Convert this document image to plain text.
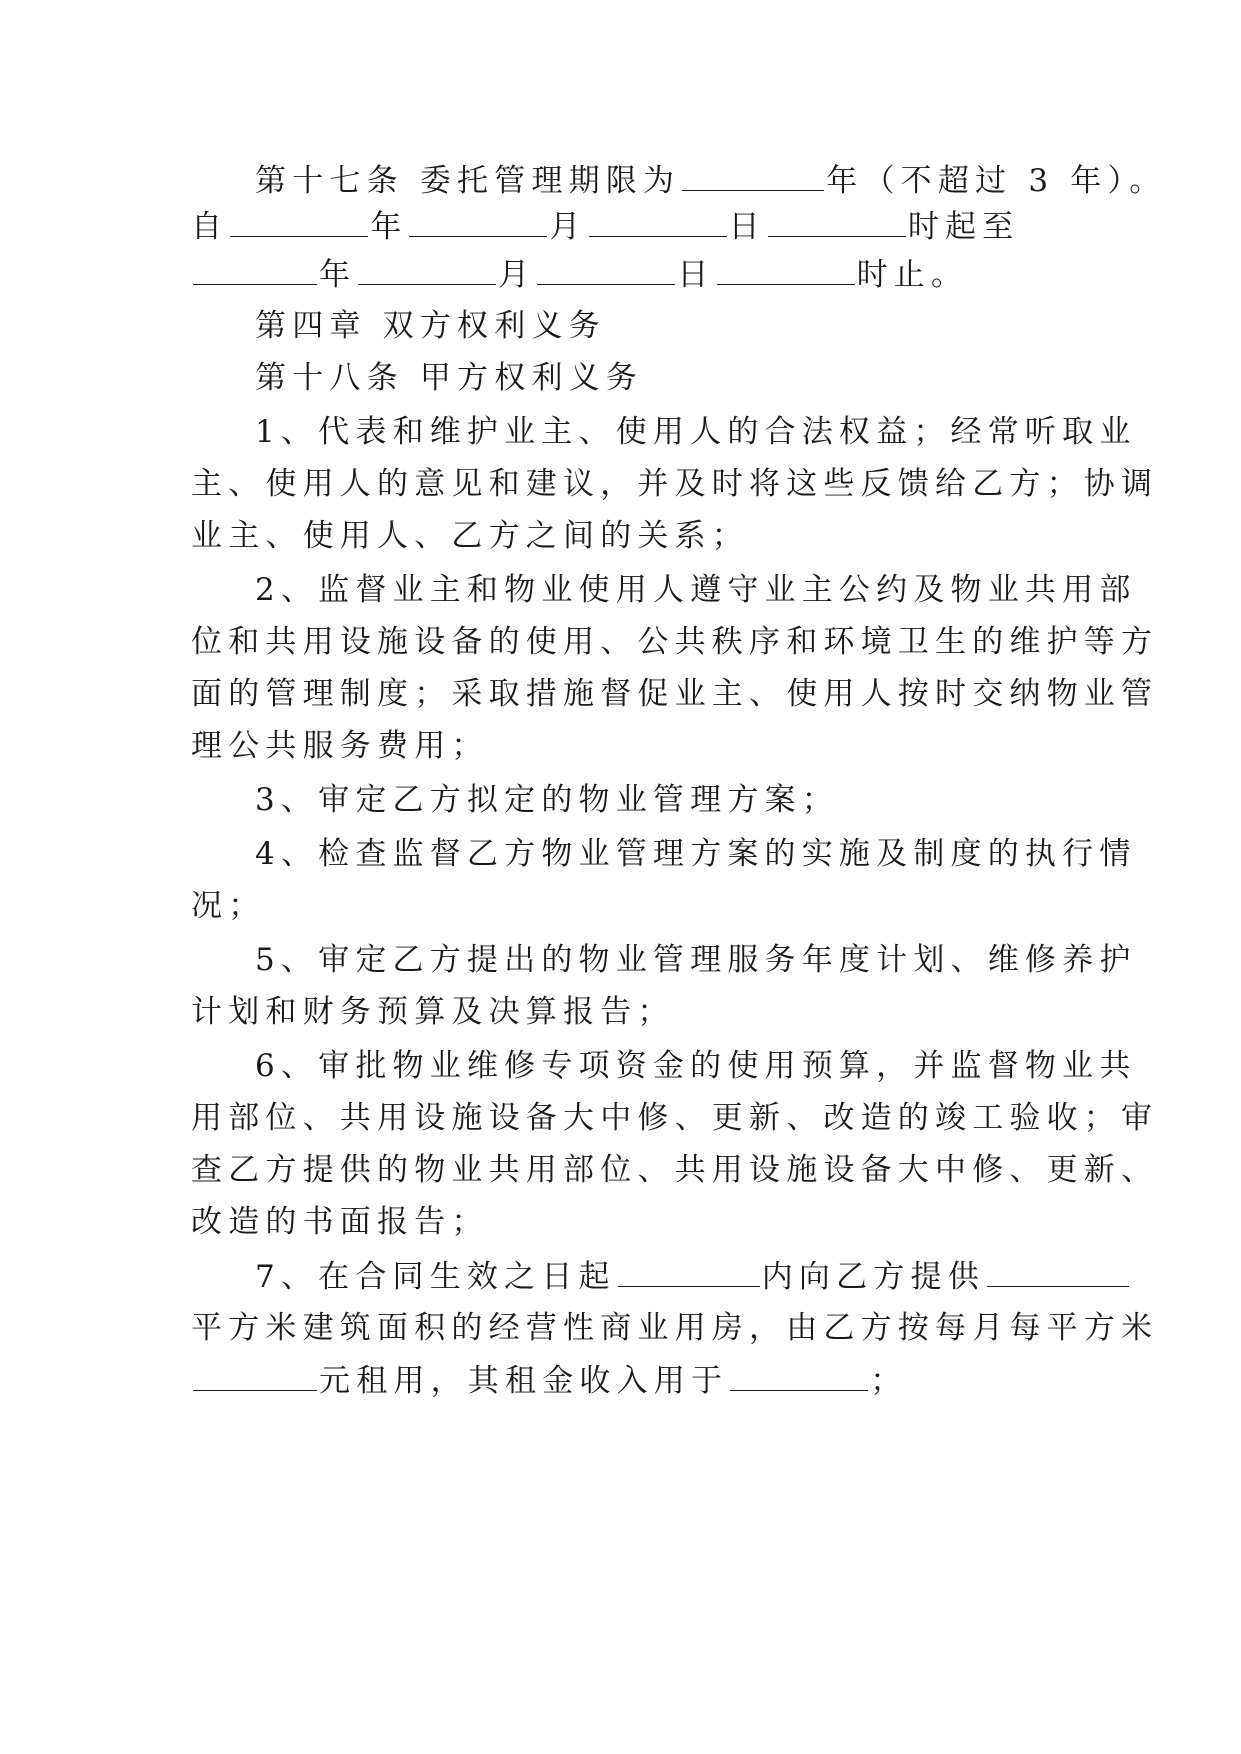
第十七条 委托管理期限为	年（不超过 3 年）。
自	年	月	日	时起至
年	月	日	时止。
第四章 双方权利义务
第十八条 甲方权利义务
1、代表和维护业主、使用人的合法权益；经常听取业
主、使用人的意见和建议，并及时将这些反馈给乙方；协调
业主、使用人、乙方之间的关系；
2、监督业主和物业使用人遵守业主公约及物业共用部
位和共用设施设备的使用、公共秩序和环境卫生的维护等方
面的管理制度；采取措施督促业主、使用人按时交纳物业管
理公共服务费用；
3、审定乙方拟定的物业管理方案；
4、检查监督乙方物业管理方案的实施及制度的执行情
况；
5、审定乙方提出的物业管理服务年度计划、维修养护
计划和财务预算及决算报告；
6、审批物业维修专项资金的使用预算，并监督物业共
用部位、共用设施设备大中修、更新、改造的竣工验收；审
查乙方提供的物业共用部位、共用设施设备大中修、更新、
改造的书面报告；
7、在合同生效之日起	内向乙方提供
平方米建筑面积的经营性商业用房，由乙方按每月每平方米
元租用，其租金收入用于	；
